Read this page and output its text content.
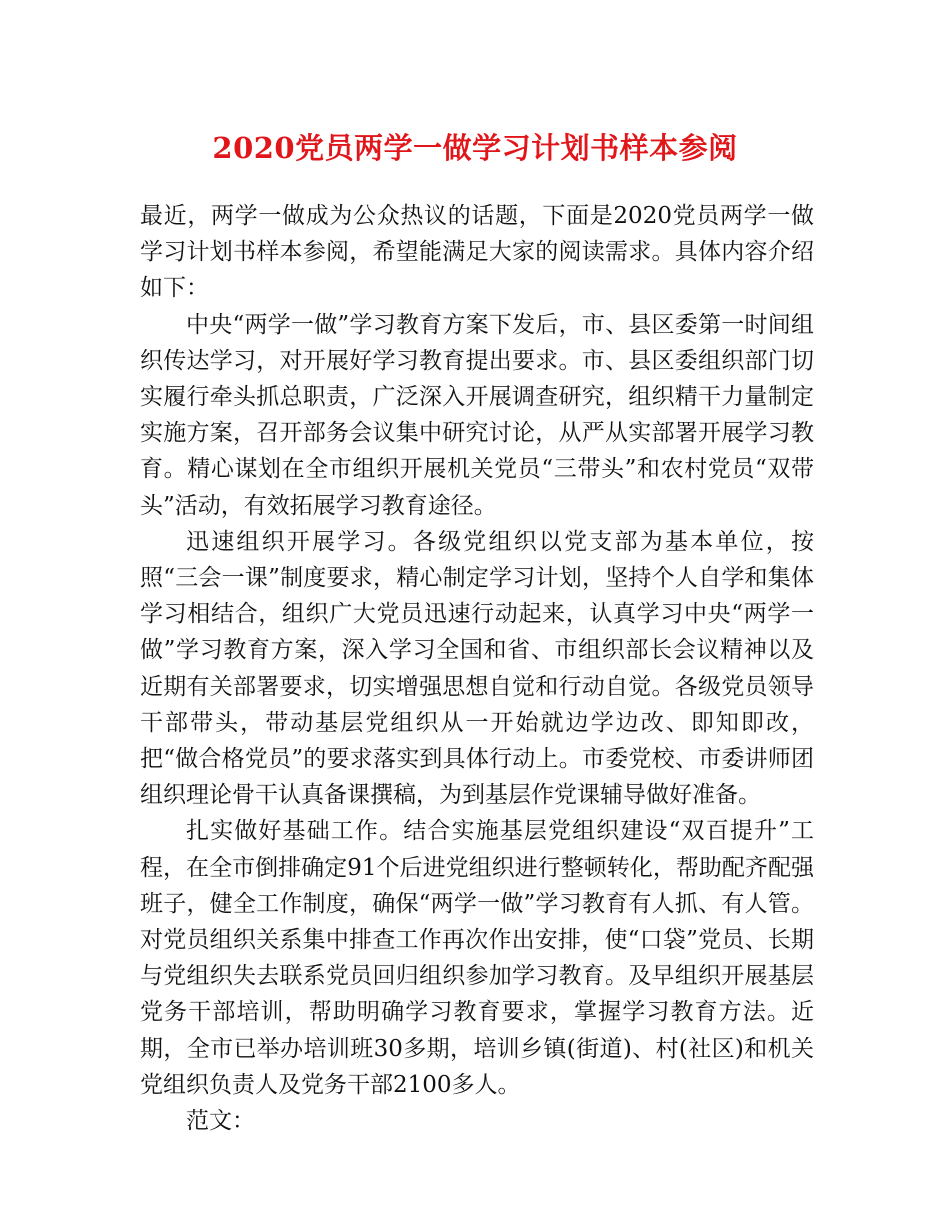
2020党员两学一做学习计划书样本参阅

最近，两学一做成为公众热议的话题，下面是2020党员两学一做学习计划书样本参阅，希望能满足大家的阅读需求。具体内容介绍如下：

中央“两学一做”学习教育方案下发后，市、县区委第一时间组织传达学习，对开展好学习教育提出要求。市、县区委组织部门切实履行牵头抓总职责，广泛深入开展调查研究，组织精干力量制定实施方案，召开部务会议集中研究讨论，从严从实部署开展学习教育。精心谋划在全市组织开展机关党员“三带头”和农村党员“双带头”活动，有效拓展学习教育途径。

迅速组织开展学习。各级党组织以党支部为基本单位，按照“三会一课”制度要求，精心制定学习计划，坚持个人自学和集体学习相结合，组织广大党员迅速行动起来，认真学习中央“两学一做”学习教育方案，深入学习全国和省、市组织部长会议精神以及近期有关部署要求，切实增强思想自觉和行动自觉。各级党员领导干部带头，带动基层党组织从一开始就边学边改、即知即改，把“做合格党员”的要求落实到具体行动上。市委党校、市委讲师团组织理论骨干认真备课撰稿，为到基层作党课辅导做好准备。

扎实做好基础工作。结合实施基层党组织建设“双百提升”工程，在全市倒排确定91个后进党组织进行整顿转化，帮助配齐配强班子，健全工作制度，确保“两学一做”学习教育有人抓、有人管。对党员组织关系集中排查工作再次作出安排，使“口袋”党员、长期与党组织失去联系党员回归组织参加学习教育。及早组织开展基层党务干部培训，帮助明确学习教育要求，掌握学习教育方法。近期，全市已举办培训班30多期，培训乡镇(街道)、村(社区)和机关党组织负责人及党务干部2100多人。

范文：
